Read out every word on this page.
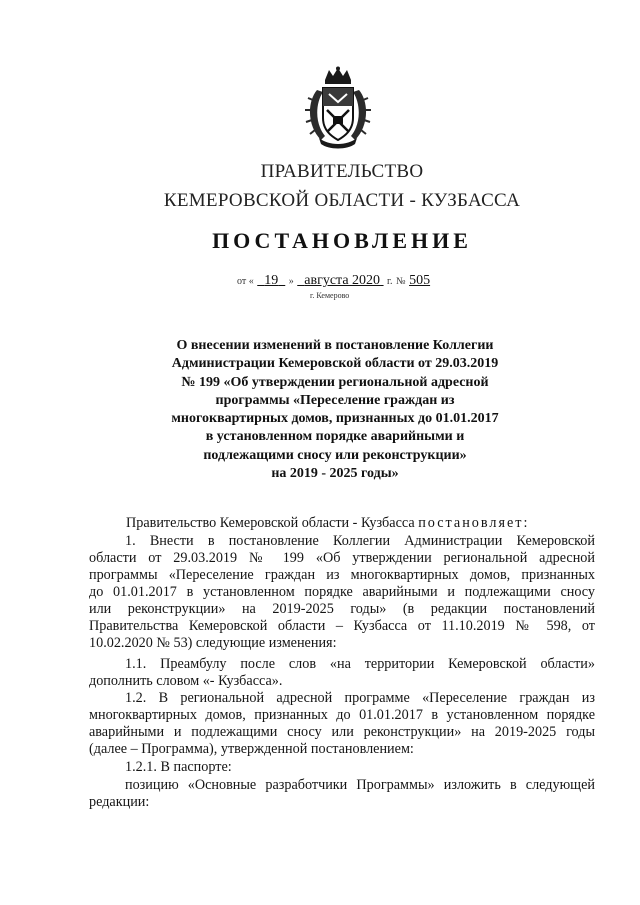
ПРАВИТЕЛЬСТВО
КЕМЕРОВСКОЙ ОБЛАСТИ - КУЗБАССА
ПОСТАНОВЛЕНИЕ
от « 19 » августа 2020 г. № 505
г. Кемерово
О внесении изменений в постановление Коллегии
Администрации Кемеровской области от 29.03.2019
№ 199 «Об утверждении региональной адресной
программы «Переселение граждан из
многоквартирных домов, признанных до 01.01.2017
в установленном порядке аварийными и
подлежащими сносу или реконструкции»
на 2019 - 2025 годы»
Правительство Кемеровской области - Кузбасса постановляет:
1. Внести в постановление Коллегии Администрации Кемеровской
области от 29.03.2019 № 199 «Об утверждении региональной адресной
программы «Переселение граждан из многоквартирных домов, признанных
до 01.01.2017 в установленном порядке аварийными и подлежащими сносу
или реконструкции» на 2019-2025 годы» (в редакции постановлений
Правительства Кемеровской области – Кузбасса от 11.10.2019 № 598, от
10.02.2020 № 53) следующие изменения:
1.1. Преамбулу после слов «на территории Кемеровской области»
дополнить словом «- Кузбасса».
1.2. В региональной адресной программе «Переселение граждан из
многоквартирных домов, признанных до 01.01.2017 в установленном порядке
аварийными и подлежащими сносу или реконструкции» на 2019-2025 годы
(далее – Программа), утвержденной постановлением:
1.2.1. В паспорте:
позицию «Основные разработчики Программы» изложить в следующей
редакции:
